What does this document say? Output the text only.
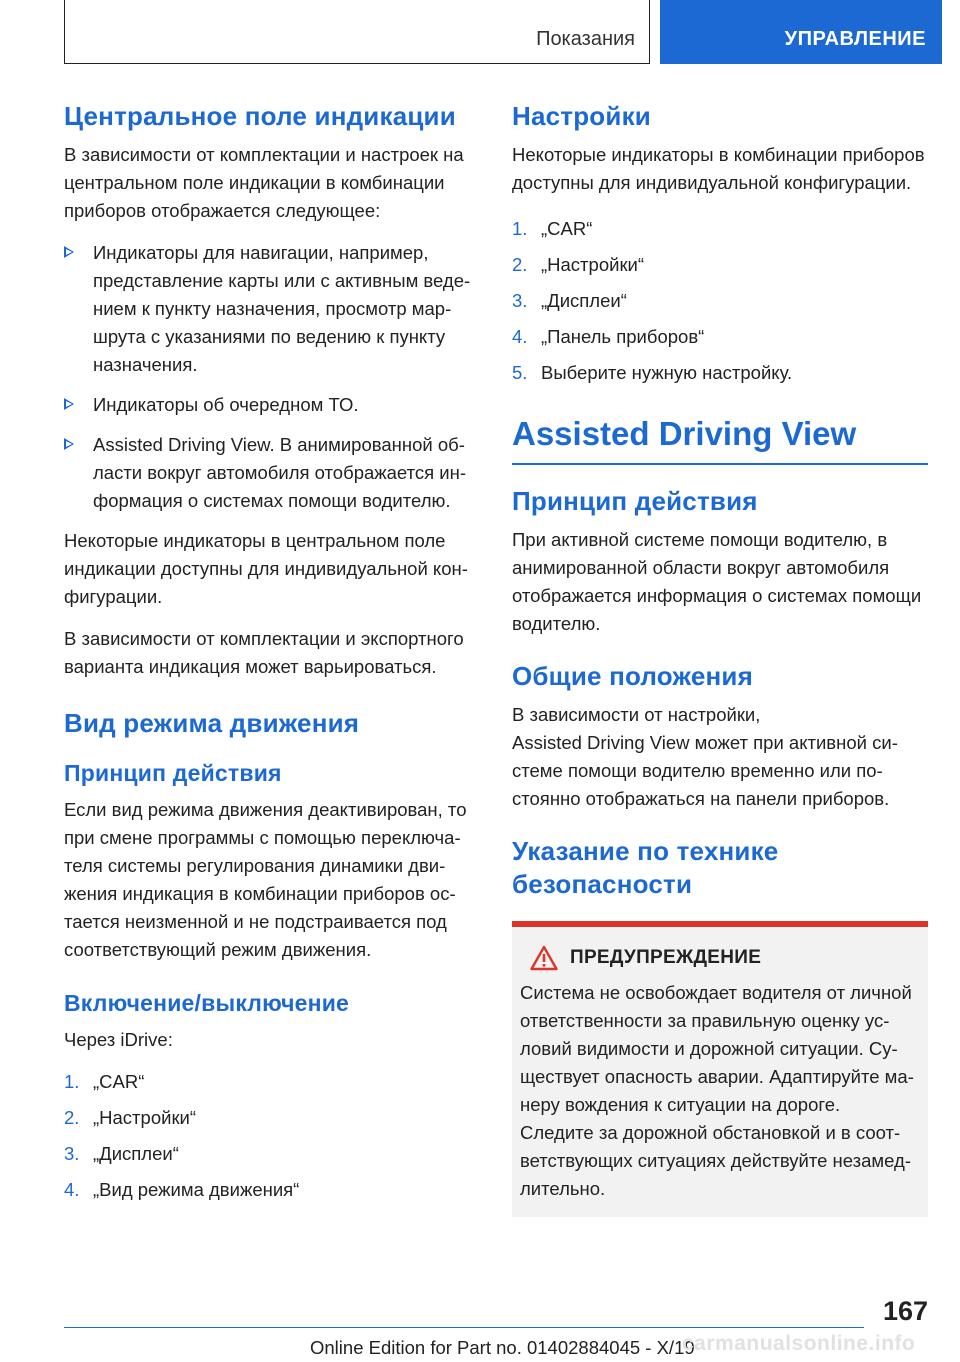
Показания	УПРАВЛЕНИЕ
Центральное поле индикации

В зависимости от комплектации и настроек на центральном поле индикации в комбинации приборов отображается следующее:

Индикаторы для навигации, например, представление карты или с активным ведением к пункту назначения, просмотр маршрута с указаниями по ведению к пункту назначения.
Индикаторы об очередном ТО.
Assisted Driving View. В анимированной области вокруг автомобиля отображается информация о системах помощи водителю.

Некоторые индикаторы в центральном поле индикации доступны для индивидуальной конфигурации.

В зависимости от комплектации и экспортного варианта индикация может варьироваться.

Вид режима движения
Принцип действия

Если вид режима движения деактивирован, то при смене программы с помощью переключателя системы регулирования динамики движения индикация в комбинации приборов остается неизменной и не подстраивается под соответствующий режим движения.

Включение/выключение

Через iDrive:

1. „CAR“
2. „Настройки“
3. „Дисплеи“
4. „Вид режима движения“
Настройки

Некоторые индикаторы в комбинации приборов доступны для индивидуальной конфигурации.

1. „CAR“
2. „Настройки“
3. „Дисплеи“
4. „Панель приборов“
5. Выберите нужную настройку.
Assisted Driving View
Принцип действия

При активной системе помощи водителю, в анимированной области вокруг автомобиля отображается информация о системах помощи водителю.

Общие положения

В зависимости от настройки,
Assisted Driving View может при активной системе помощи водителю временно или постоянно отображаться на панели приборов.

Указание по технике безопасности
ПРЕДУПРЕЖДЕНИЕ

Система не освобождает водителя от личной ответственности за правильную оценку условий видимости и дорожной ситуации. Существует опасность аварии. Адаптируйте манеру вождения к ситуации на дороге.
Следите за дорожной обстановкой и в соответствующих ситуациях действуйте незамедлительно.

167
Online Edition for Part no. 01402884045 - X/19
carmanualsonline.info
